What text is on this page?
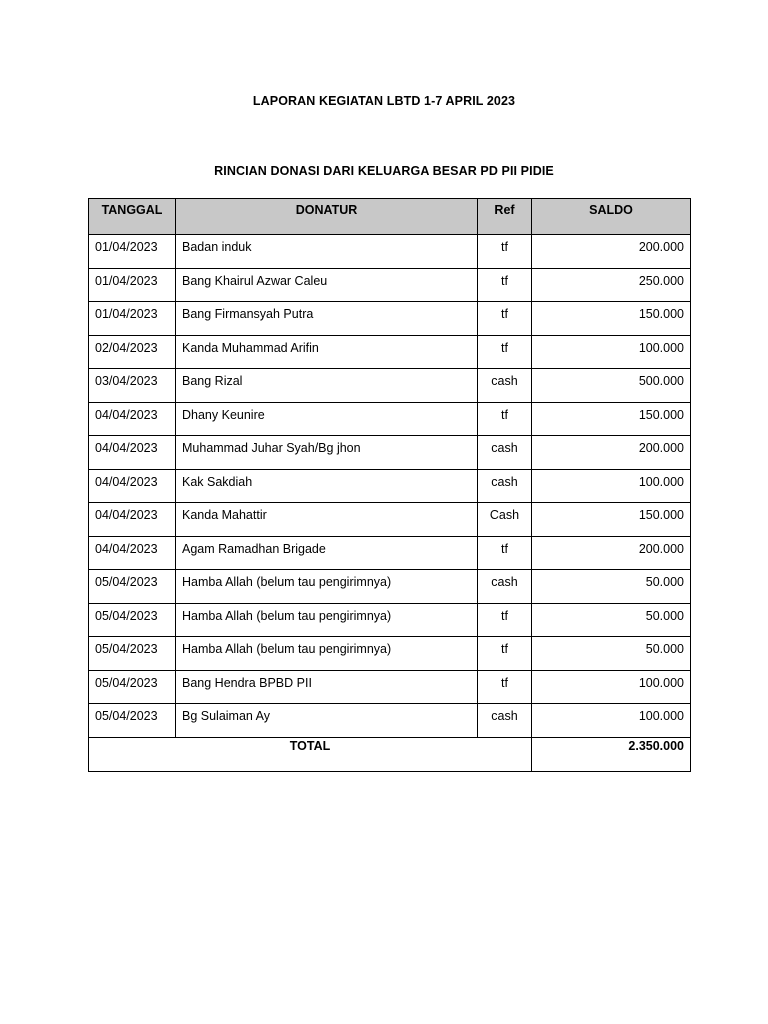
LAPORAN KEGIATAN LBTD 1-7 APRIL 2023
RINCIAN DONASI DARI KELUARGA BESAR PD PII PIDIE
TANGGAL	DONATUR	Ref	SALDO
01/04/2023	Badan induk	tf	200.000
01/04/2023	Bang Khairul Azwar Caleu	tf	250.000
01/04/2023	Bang Firmansyah Putra	tf	150.000
02/04/2023	Kanda Muhammad Arifin	tf	100.000
03/04/2023	Bang Rizal	cash	500.000
04/04/2023	Dhany Keunire	tf	150.000
04/04/2023	Muhammad Juhar Syah/Bg jhon	cash	200.000
04/04/2023	Kak Sakdiah	cash	100.000
04/04/2023	Kanda Mahattir	Cash	150.000
04/04/2023	Agam Ramadhan Brigade	tf	200.000
05/04/2023	Hamba Allah (belum tau pengirimnya)	cash	50.000
05/04/2023	Hamba Allah (belum tau pengirimnya)	tf	50.000
05/04/2023	Hamba Allah (belum tau pengirimnya)	tf	50.000
05/04/2023	Bang Hendra BPBD PII	tf	100.000
05/04/2023	Bg Sulaiman Ay	cash	100.000
TOTAL			2.350.000
